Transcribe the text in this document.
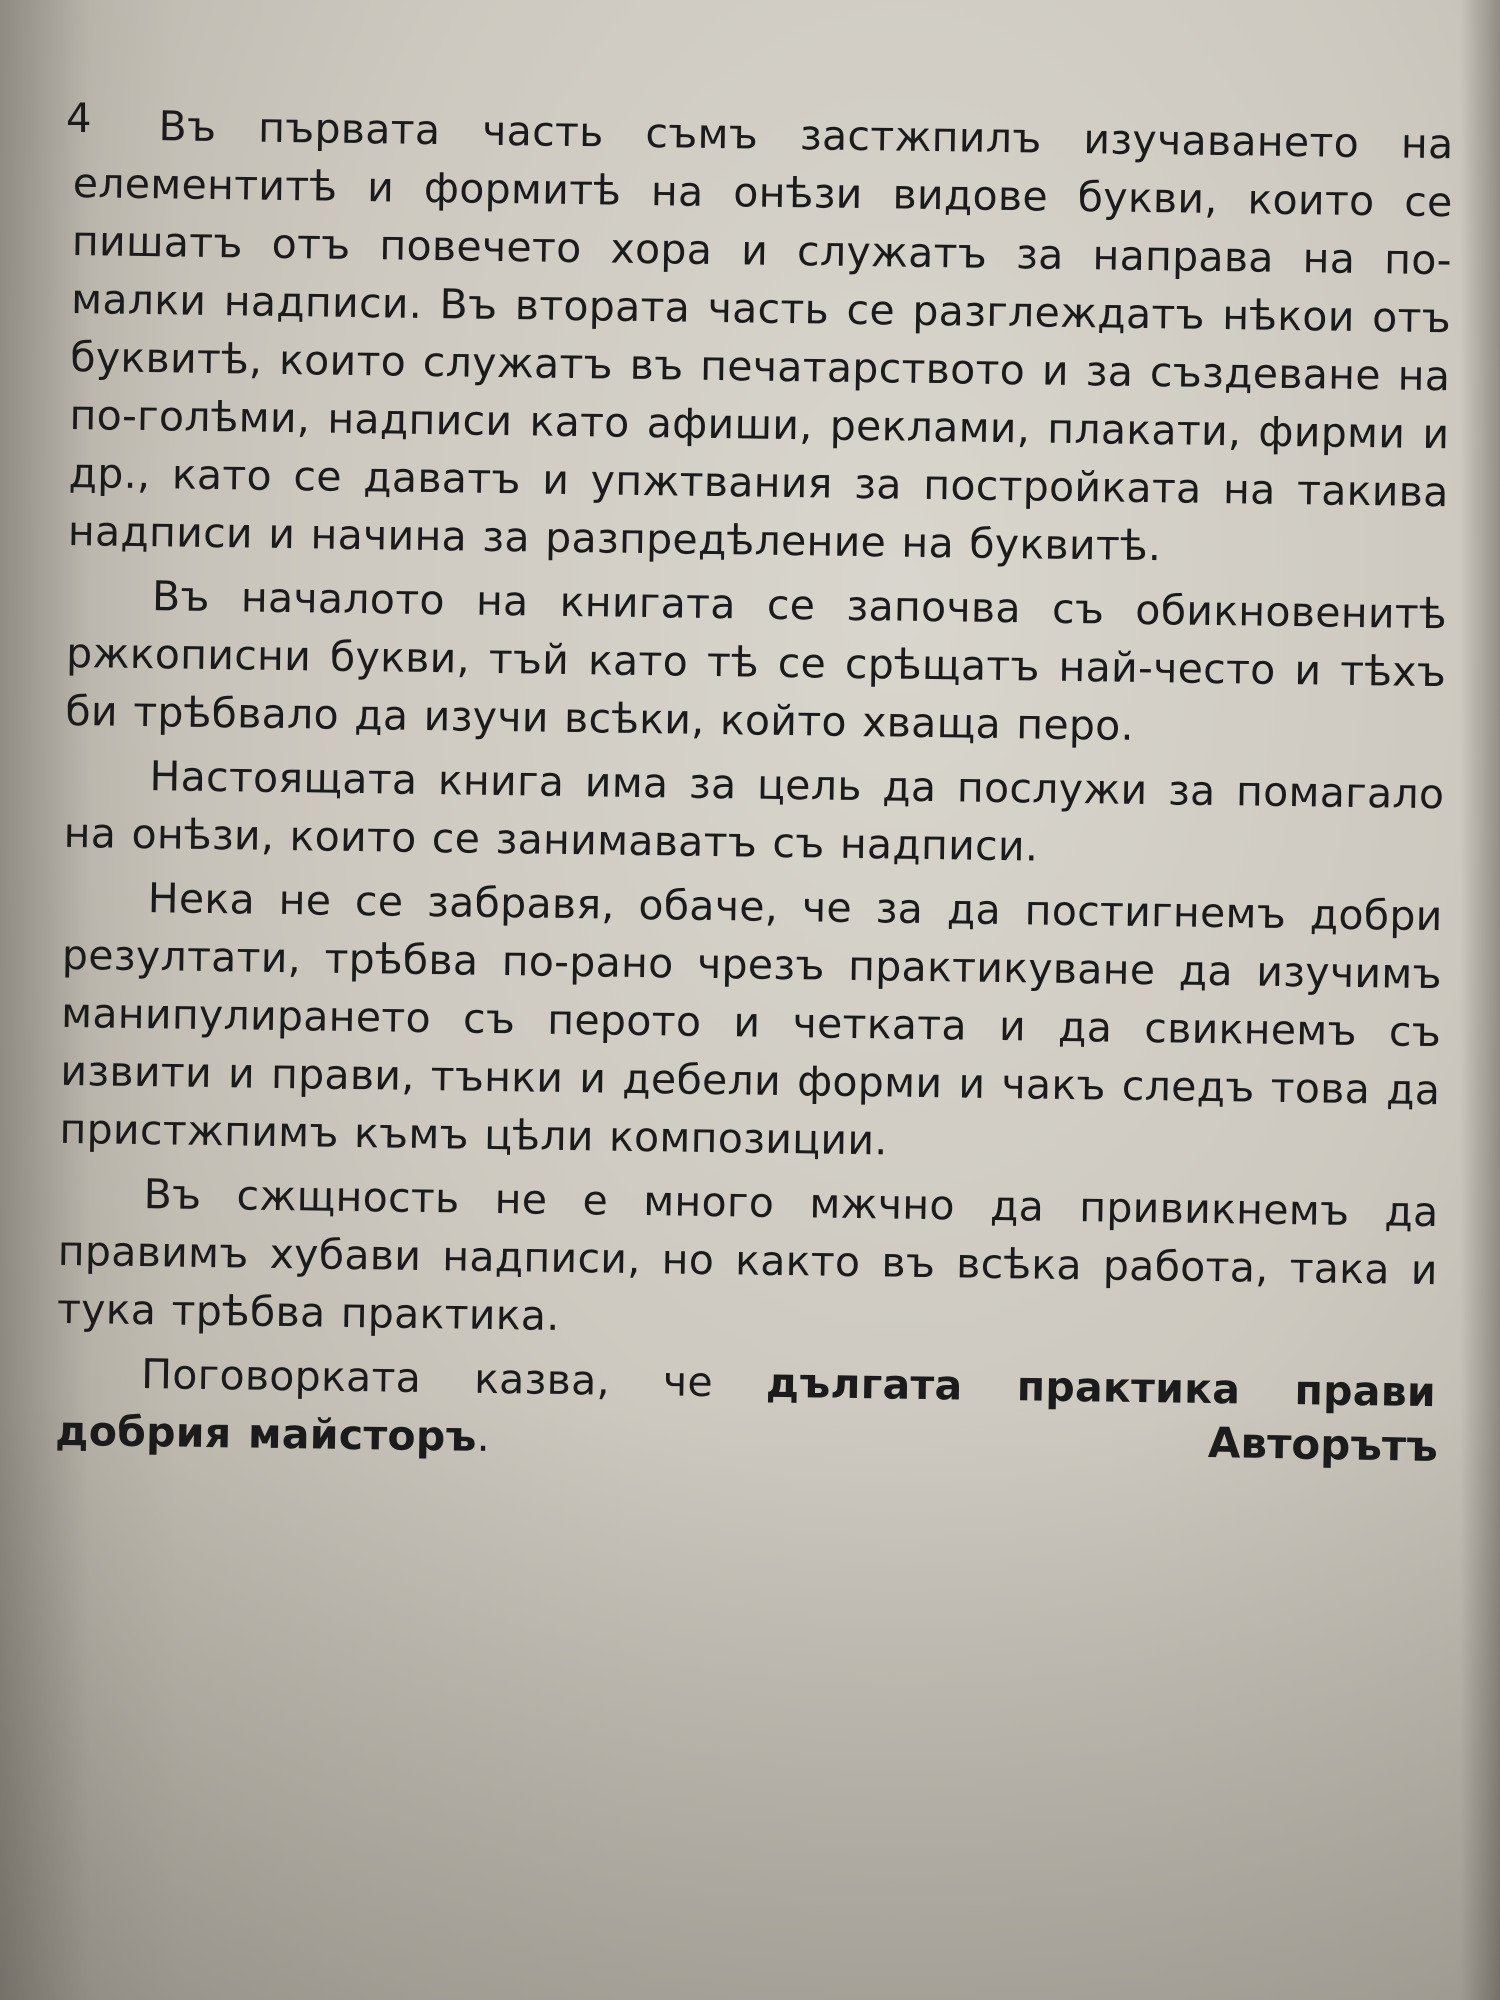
4	Въ първата часть съмъ застжпилъ изучаването на елементитѣ и формитѣ на онѣзи видове букви, които се пишатъ отъ повечето хора и служатъ за направа на по-малки надписи. Въ втората часть се разглеждатъ нѣкои отъ буквитѣ, които служатъ въ печатарството и за създеване на по-голѣми, надписи като афиши, реклами, плакати, фирми и др., като се даватъ и упжтвания за постройката на такива надписи и начина за разпредѣление на буквитѣ.

Въ началото на книгата се започва съ обикновенитѣ ржкописни букви, тъй като тѣ се срѣщатъ най-често и тѣхъ би трѣбвало да изучи всѣки, който хваща перо.

Настоящата книга има за цель да послужи за помагало на онѣзи, които се занимаватъ съ надписи.

Нека не се забравя, обаче, че за да постигнемъ добри резултати, трѣбва по-рано чрезъ практикуване да изучимъ манипулирането съ перото и четката и да свикнемъ съ извити и прави, тънки и дебели форми и чакъ следъ това да пристжпимъ къмъ цѣли композиции.

Въ сжщность не е много мжчно да привикнемъ да правимъ хубави надписи, но както въ всѣка работа, така и тука трѣбва практика.

Поговорката казва, че дългата практика прави добрия майсторъ.	Авторътъ
